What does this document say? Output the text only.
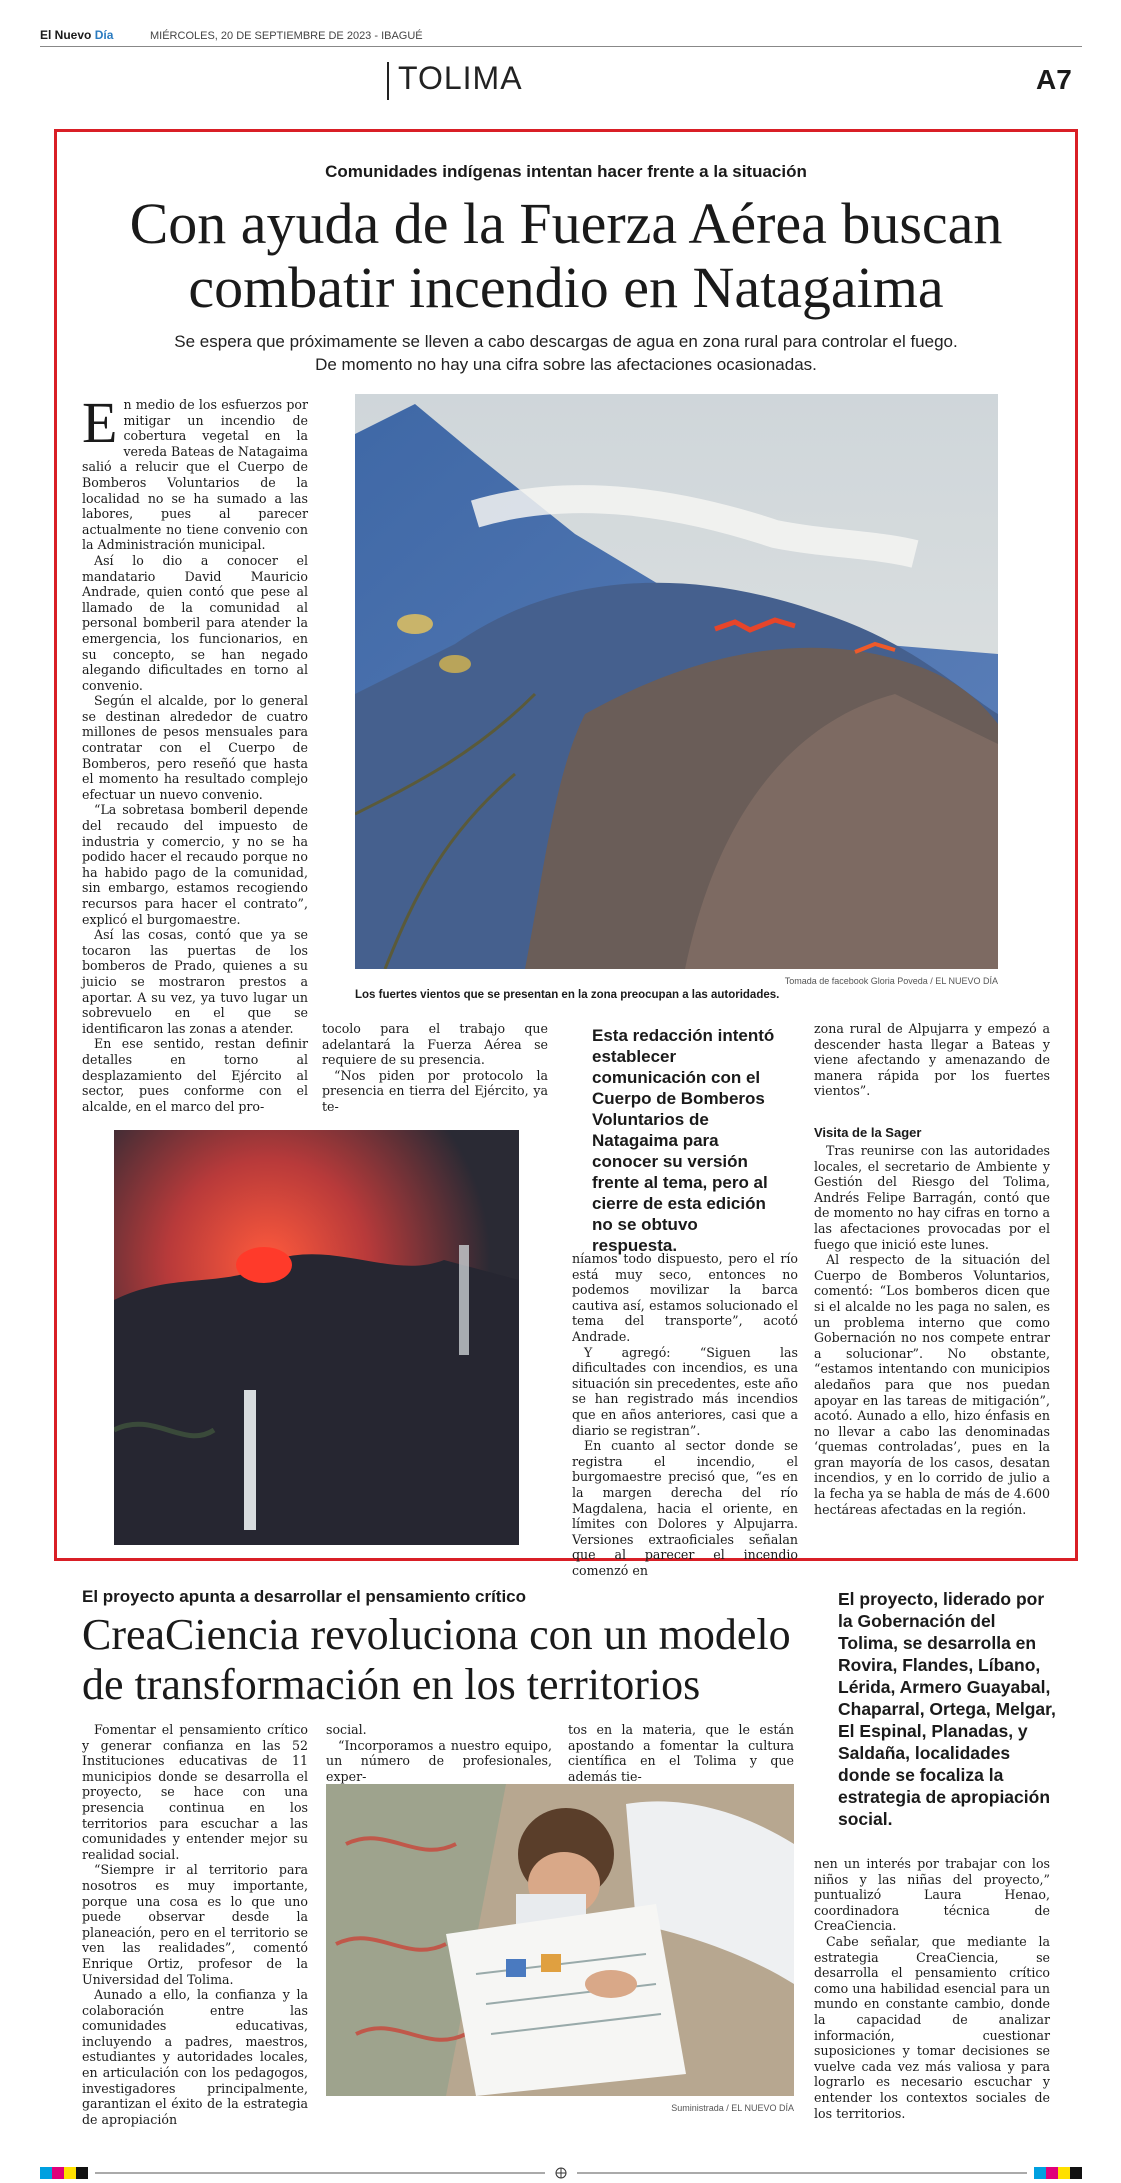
El Nuevo Día	MIÉRCOLES, 20 DE SEPTIEMBRE DE 2023 - IBAGUÉ
TOLIMA	A7
Comunidades indígenas intentan hacer frente a la situación
Con ayuda de la Fuerza Aérea buscan
combatir incendio en Natagaima
Se espera que próximamente se lleven a cabo descargas de agua en zona rural para controlar el fuego.
De momento no hay una cifra sobre las afectaciones ocasionadas.
E n medio de los esfuerzos por mitigar un incendio de cobertura vegetal en la vereda Batеas de Natagaima salió a relucir que el Cuerpo de Bomberos Voluntarios de la localidad no se ha sumado a las labores, pues al parecer actualmente no tiene convenio con la Administración municipal.

Así lo dio a conocer el mandatario David Mauricio Andrade, quien contó que pese al llamado de la comunidad al personal bomberil para atender la emergencia, los funcionarios, en su concepto, se han negado alegando dificultades en torno al convenio.

Según el alcalde, por lo general se destinan alrededor de cuatro millones de pesos mensuales para contratar con el Cuerpo de Bomberos, pero reseñó que hasta el momento ha resultado complejo efectuar un nuevo convenio.

“La sobretasa bomberil depende del recaudo del impuesto de industria y comercio, y no se ha podido hacer el recaudo porque no ha habido pago de la comunidad, sin embargo, estamos recogiendo recursos para hacer el contrato”, explicó el burgomaestre.

Así las cosas, contó que ya se tocaron las puertas de los bomberos de Prado, quienes a su juicio se mostraron prestos a aportar. A su vez, ya tuvo lugar un sobrevuelo en el que se identificaron las zonas a atender.

En ese sentido, restan definir detalles en torno al desplazamiento del Ejército al sector, pues conforme con el alcalde, en el marco del pro-

Tomada de facebook Gloria Poveda / EL NUEVO DÍA
Los fuertes vientos que se presentan en la zona preocupan a las autoridades.

tocolo para el trabajo que adelantará la Fuerza Aérea se requiere de su presencia.

“Nos piden por protocolo la presencia en tierra del Ejército, ya te-

Esta redacción intentó establecer comunicación con el Cuerpo de Bomberos Voluntarios de Natagaima para conocer su versión frente al tema, pero al cierre de esta edición no se obtuvo respuesta.

níamos todo dispuesto, pero el río está muy seco, entonces no podemos movilizar la barca cautiva así, estamos solucionado el tema del transporte”, acotó Andrade.

Y agregó: “Siguen las dificultades con incendios, es una situación sin precedentes, este año se han registrado más incendios que en años anteriores, casi que a diario se registran”.

En cuanto al sector donde se registra el incendio, el burgomaestre precisó que, “es en la margen derecha del río Magdalena, hacia el oriente, en límites con Dolores y Alpujarra. Versiones extraoficiales señalan que al parecer el incendio comenzó en

zona rural de Alpujarra y empezó a descender hasta llegar a Bateas y viene afectando y amenazando de manera rápida por los fuertes vientos”.

Visita de la Sager

Tras reunirse con las autoridades locales, el secretario de Ambiente y Gestión del Riesgo del Tolima, Andrés Felipe Barragán, contó que de momento no hay cifras en torno a las afectaciones provocadas por el fuego que inició este lunes.

Al respecto de la situación del Cuerpo de Bomberos Voluntarios, comentó: “Los bomberos dicen que si el alcalde no les paga no salen, es un problema interno que como Gobernación no nos compete entrar a solucionar”. No obstante, “estamos intentando con municipios aledaños para que nos puedan apoyar en las tareas de mitigación”, acotó. Aunado a ello, hizo énfasis en no llevar a cabo las denominadas ‘quemas controladas’, pues en la gran mayoría de los casos, desatan incendios, y en lo corrido de julio a la fecha ya se habla de más de 4.600 hectáreas afectadas en la región.

El proyecto apunta a desarrollar el pensamiento crítico
CreaCiencia revoluciona con un modelo
de transformación en los territorios
El proyecto, liderado por la Gobernación del Tolima, se desarrolla en Rovira, Flandes, Líbano, Lérida, Armero Guayabal, Chaparral, Ortega, Melgar, El Espinal, Planadas, y Saldaña, localidades donde se focaliza la estrategia de apropiación social.

Fomentar el pensamiento crítico y generar confianza en las 52 Instituciones educativas de 11 municipios donde se desarrolla el proyecto, se hace con una presencia continua en los territorios para escuchar a las comunidades y entender mejor su realidad social.

“Siempre ir al territorio para nosotros es muy importante, porque una cosa es lo que uno puede observar desde la planeación, pero en el territorio se ven las realidades”, comentó Enrique Ortiz, profesor de la Universidad del Tolima.

Aunado a ello, la confianza y la colaboración entre las comunidades educativas, incluyendo a padres, maestros, estudiantes y autoridades locales, en articulación con los pedagogos, investigadores principalmente, garantizan el éxito de la estrategia de apropiación

social.

“Incorporamos a nuestro equipo, un número de profesionales, exper-

tos en la materia, que le están apostando a fomentar la cultura científica en el Tolima y que además tie-

Suministrada / EL NUEVO DÍA

nen un interés por trabajar con los niños y las niñas del proyecto,” puntualizó Laura Henao, coordinadora técnica de CreaCiencia.

Cabe señalar, que mediante la estrategia CreaCiencia, se desarrolla el pensamiento crítico como una habilidad esencial para un mundo en constante cambio, donde la capacidad de analizar información, cuestionar suposiciones y tomar decisiones se vuelve cada vez más valiosa y para lograrlo es necesario escuchar y entender los contextos sociales de los territorios.
